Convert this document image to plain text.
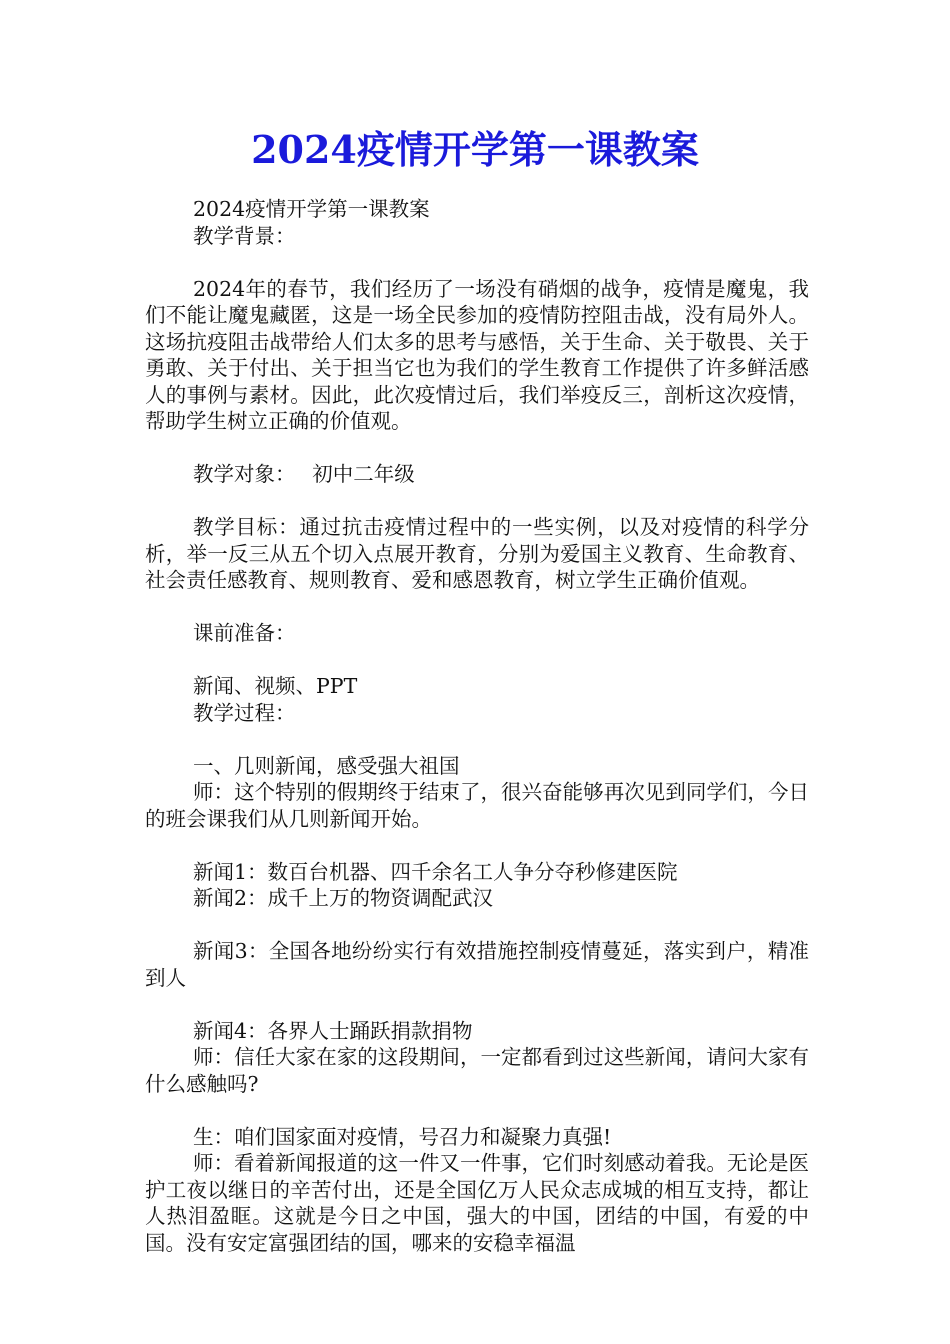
2024疫情开学第一课教案

2024疫情开学第一课教案

教学背景：

2024年的春节，我们经历了一场没有硝烟的战争，疫情是魔鬼，我们不能让魔鬼藏匿，这是一场全民参加的疫情防控阻击战，没有局外人。这场抗疫阻击战带给人们太多的思考与感悟，关于生命、关于敬畏、关于勇敢、关于付出、关于担当它也为我们的学生教育工作提供了许多鲜活感人的事例与素材。因此，此次疫情过后，我们举疫反三，剖析这次疫情，帮助学生树立正确的价值观。

教学对象：　 初中二年级

教学目标：通过抗击疫情过程中的一些实例，以及对疫情的科学分析，举一反三从五个切入点展开教育，分别为爱国主义教育、生命教育、社会责任感教育、规则教育、爱和感恩教育，树立学生正确价值观。

课前准备：

新闻、视频、PPT

教学过程：

一、几则新闻，感受强大祖国

师：这个特别的假期终于结束了，很兴奋能够再次见到同学们，今日的班会课我们从几则新闻开始。

新闻1：数百台机器、四千余名工人争分夺秒修建医院

新闻2：成千上万的物资调配武汉

新闻3：全国各地纷纷实行有效措施控制疫情蔓延，落实到户，精准到人

新闻4：各界人士踊跃捐款捐物

师：信任大家在家的这段期间，一定都看到过这些新闻，请问大家有什么感触吗?

生：咱们国家面对疫情，号召力和凝聚力真强!

师：看着新闻报道的这一件又一件事，它们时刻感动着我。无论是医护工夜以继日的辛苦付出，还是全国亿万人民众志成城的相互支持，都让人热泪盈眶。这就是今日之中国，强大的中国，团结的中国，有爱的中国。没有安定富强团结的国，哪来的安稳幸福温
